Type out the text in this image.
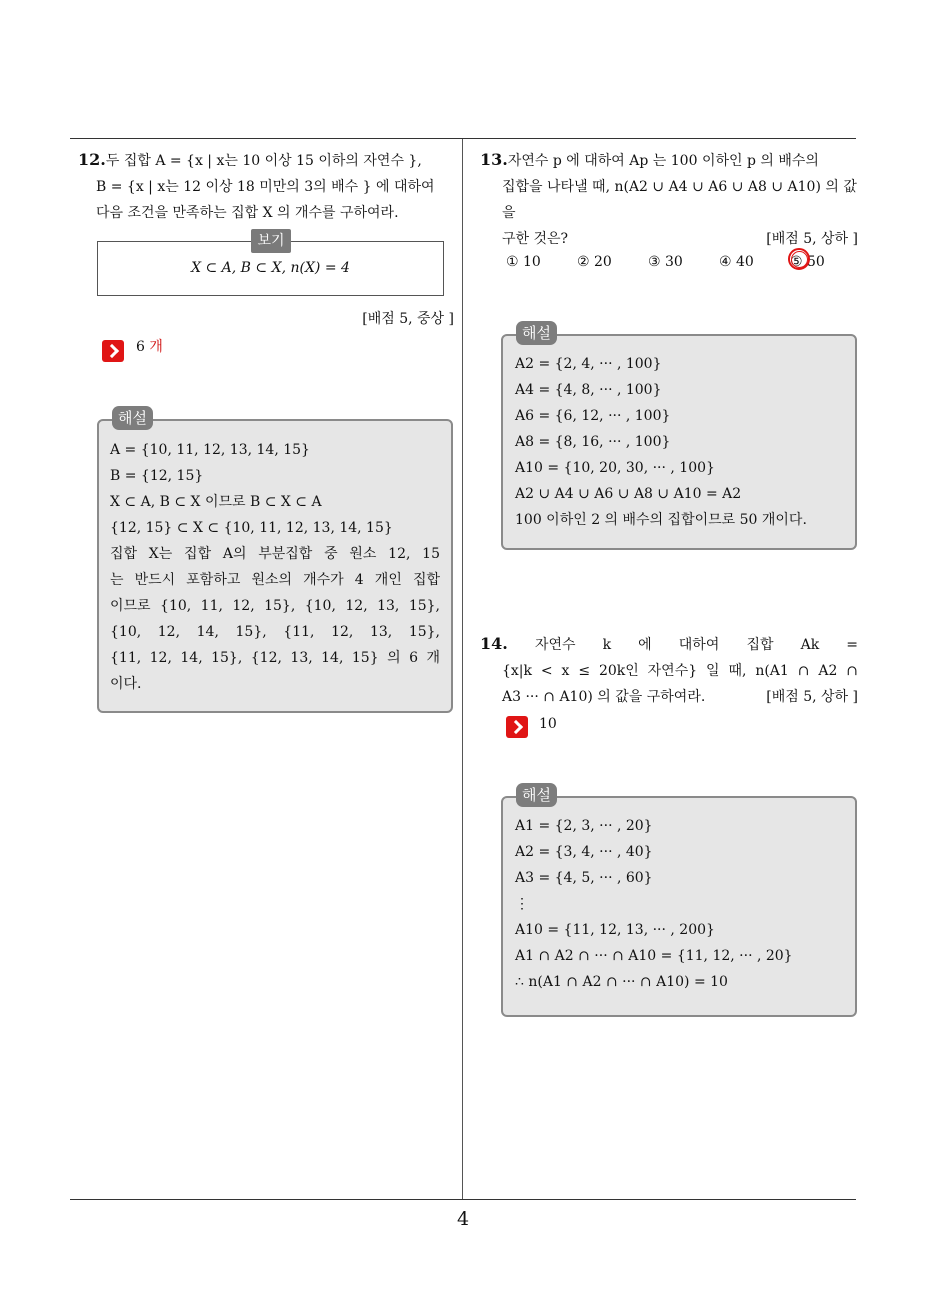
12.두 집합 A = {x | x는 10 이상 15 이하의 자연수 },
B = {x | x는 12 이상 18 미만의 3의 배수 } 에 대하여
다음 조건을 만족하는 집합 X 의 개수를 구하여라.
X ⊂ A, B ⊂ X, n(X) = 4
보기
[배점 5, 중상 ]
6 개
해설
A = {10, 11, 12, 13, 14, 15}
B = {12, 15}
X ⊂ A, B ⊂ X 이므로 B ⊂ X ⊂ A
{12, 15} ⊂ X ⊂ {10, 11, 12, 13, 14, 15}
집합 X는 집합 A의 부분집합 중 원소 12, 15
는 반드시 포함하고 원소의 개수가 4 개인 집합
이므로 {10, 11, 12, 15}, {10, 12, 13, 15},
{10, 12, 14, 15}, {11, 12, 13, 15},
{11, 12, 14, 15}, {12, 13, 14, 15} 의 6 개
이다.
13.자연수 p 에 대하여 Ap 는 100 이하인 p 의 배수의
집합을 나타낼 때, n(A2 ∪ A4 ∪ A6 ∪ A8 ∪ A10) 의 값을
구한 것은?	[배점 5, 상하 ]
① 10	② 20	③ 30	④ 40	⑤ 50
해설
A2 = {2, 4, ··· , 100}
A4 = {4, 8, ··· , 100}
A6 = {6, 12, ··· , 100}
A8 = {8, 16, ··· , 100}
A10 = {10, 20, 30, ··· , 100}
A2 ∪ A4 ∪ A6 ∪ A8 ∪ A10 = A2
100 이하인 2 의 배수의 집합이므로 50 개이다.
14. 자연수 k 에 대하여 집합 Ak =
{x|k < x ≤ 20k인 자연수} 일 때, n(A1 ∩ A2 ∩
A3 ··· ∩ A10) 의 값을 구하여라.	[배점 5, 상하 ]
10
해설
A1 = {2, 3, ··· , 20}
A2 = {3, 4, ··· , 40}
A3 = {4, 5, ··· , 60}
⋮
A10 = {11, 12, 13, ··· , 200}
A1 ∩ A2 ∩ ··· ∩ A10 = {11, 12, ··· , 20}
∴ n(A1 ∩ A2 ∩ ··· ∩ A10) = 10
4
